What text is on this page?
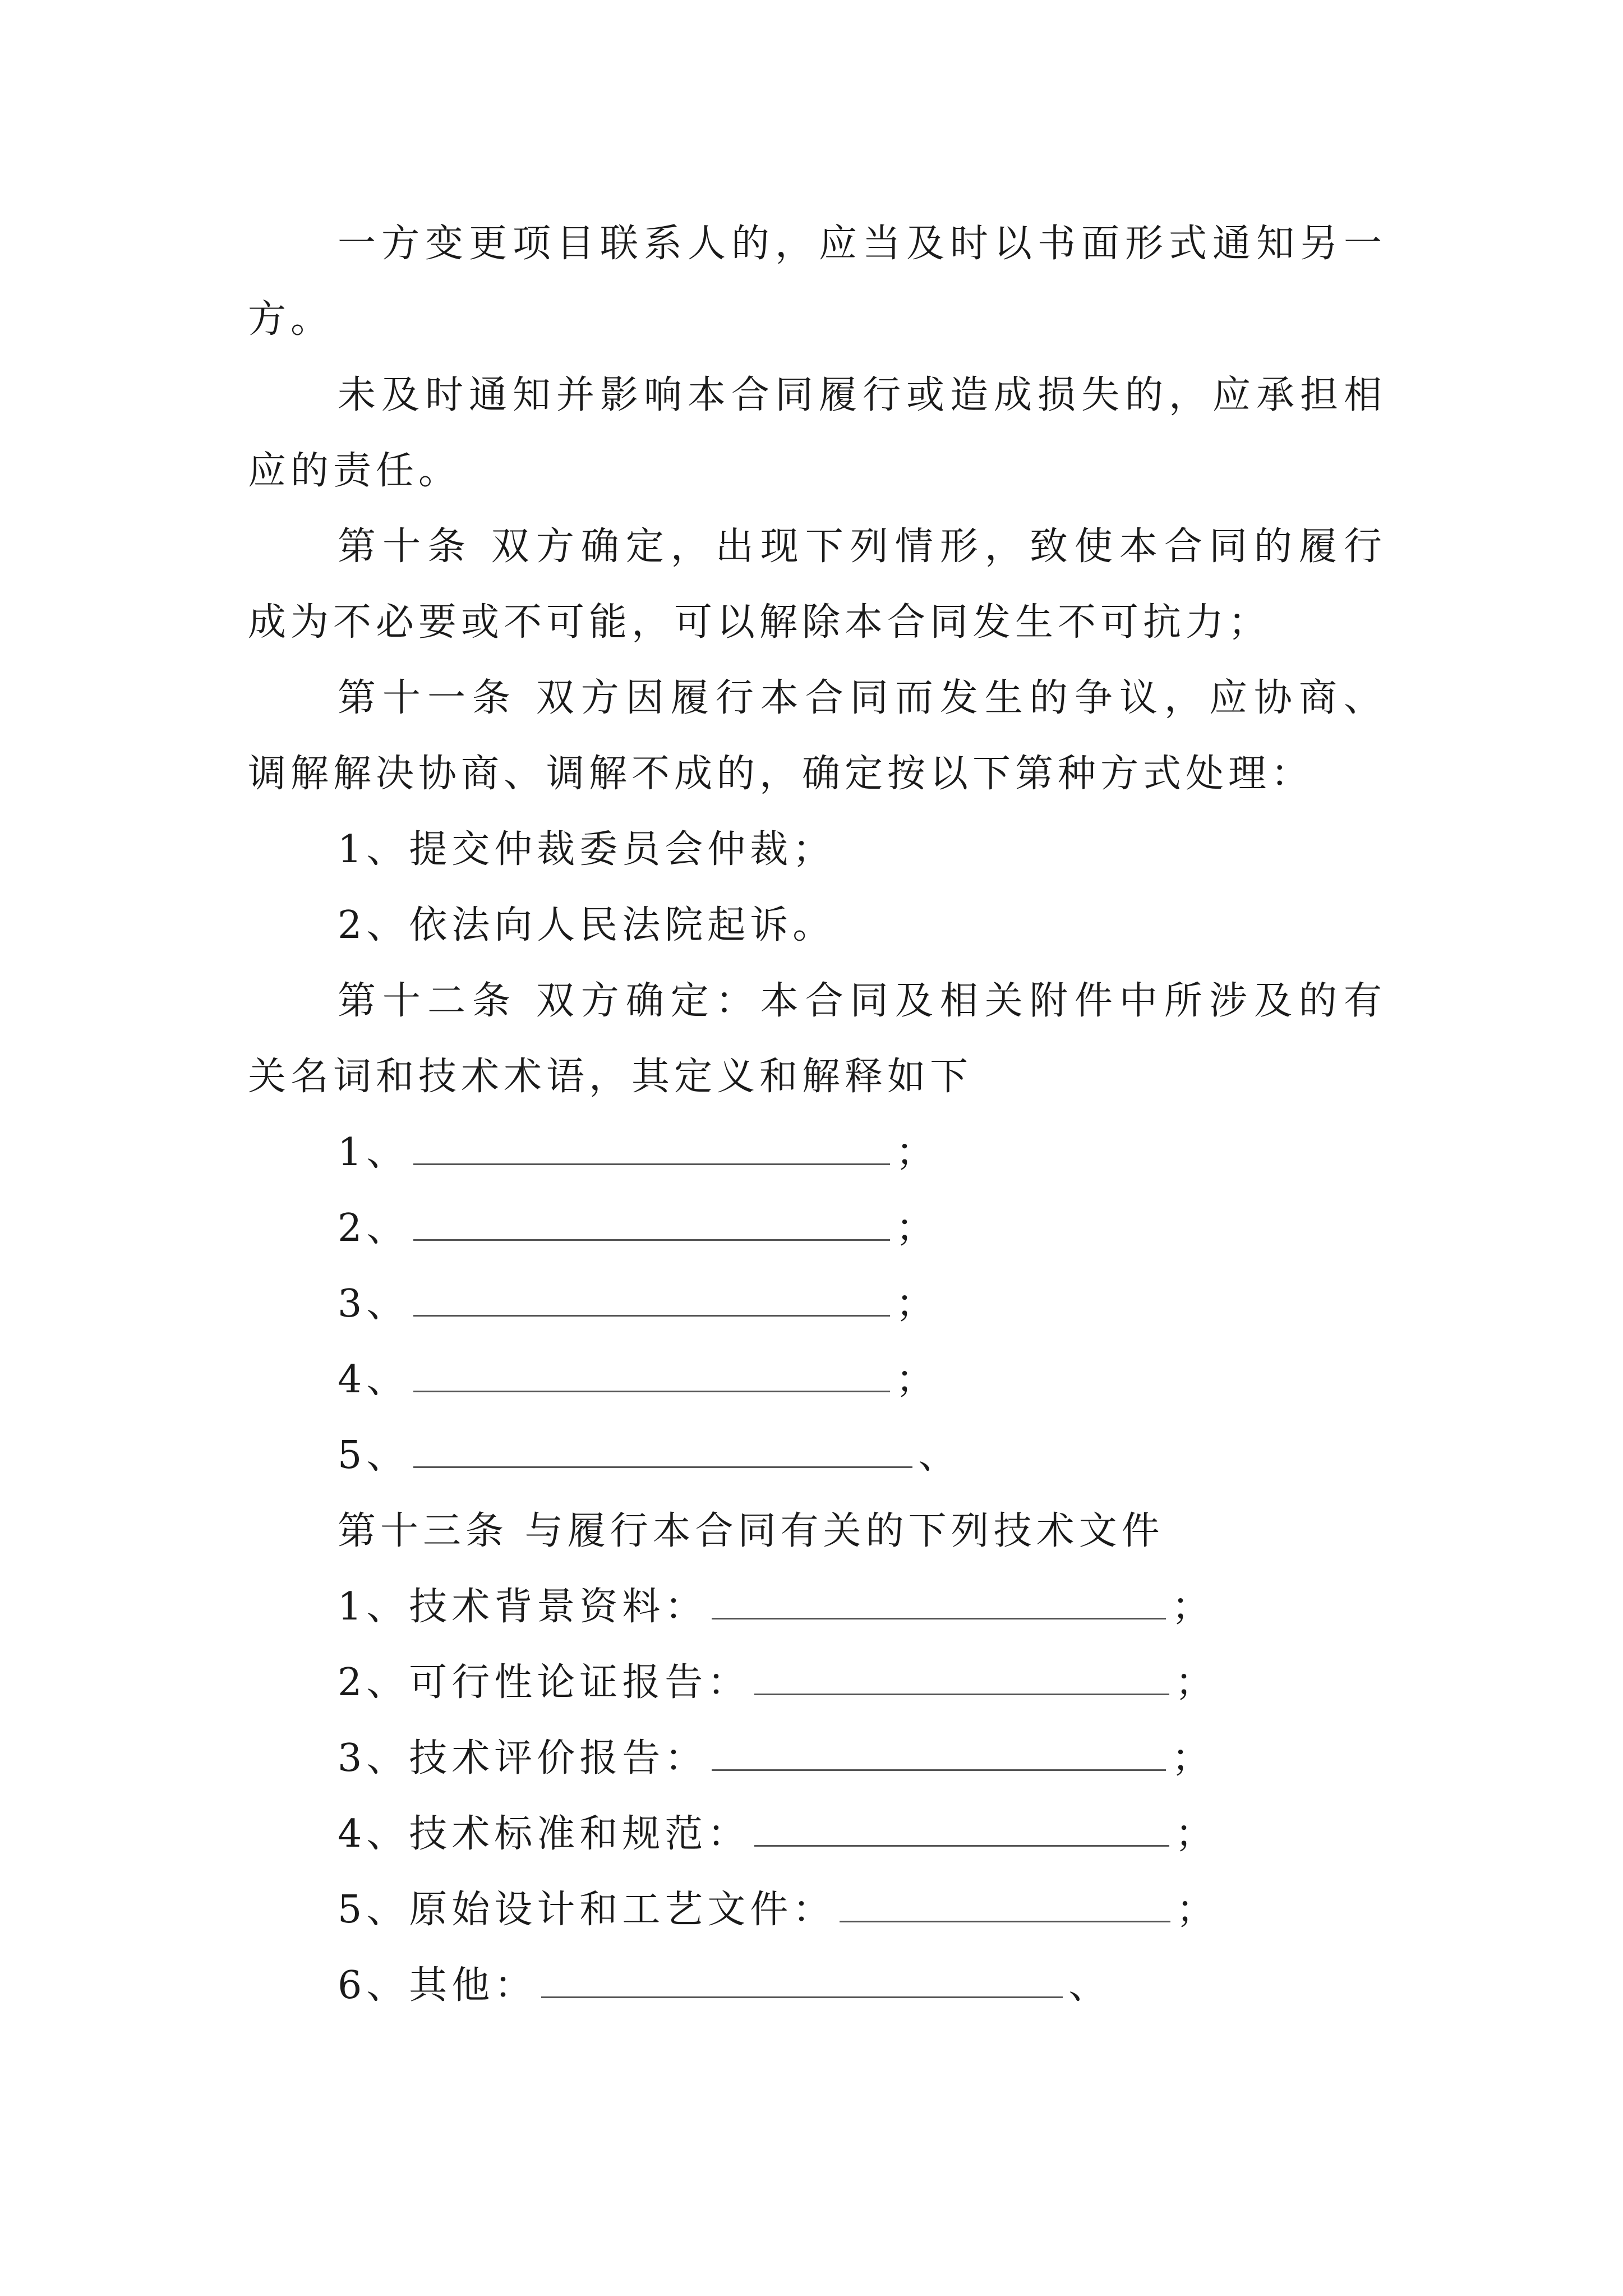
一方变更项目联系人的，应当及时以书面形式通知另一
方。
未及时通知并影响本合同履行或造成损失的，应承担相
应的责任。
第十条 双方确定，出现下列情形，致使本合同的履行
成为不必要或不可能，可以解除本合同发生不可抗力；
第十一条 双方因履行本合同而发生的争议，应协商、
调解解决协商、调解不成的，确定按以下第种方式处理：
1、提交仲裁委员会仲裁；
2、依法向人民法院起诉。
第十二条 双方确定：本合同及相关附件中所涉及的有
关名词和技术术语，其定义和解释如下
1、	；
2、	；
3、	；
4、	；
5、	、
第十三条 与履行本合同有关的下列技术文件
1、技术背景资料：	；
2、可行性论证报告：	；
3、技术评价报告：	；
4、技术标准和规范：	；
5、原始设计和工艺文件：	；
6、其他：	、
